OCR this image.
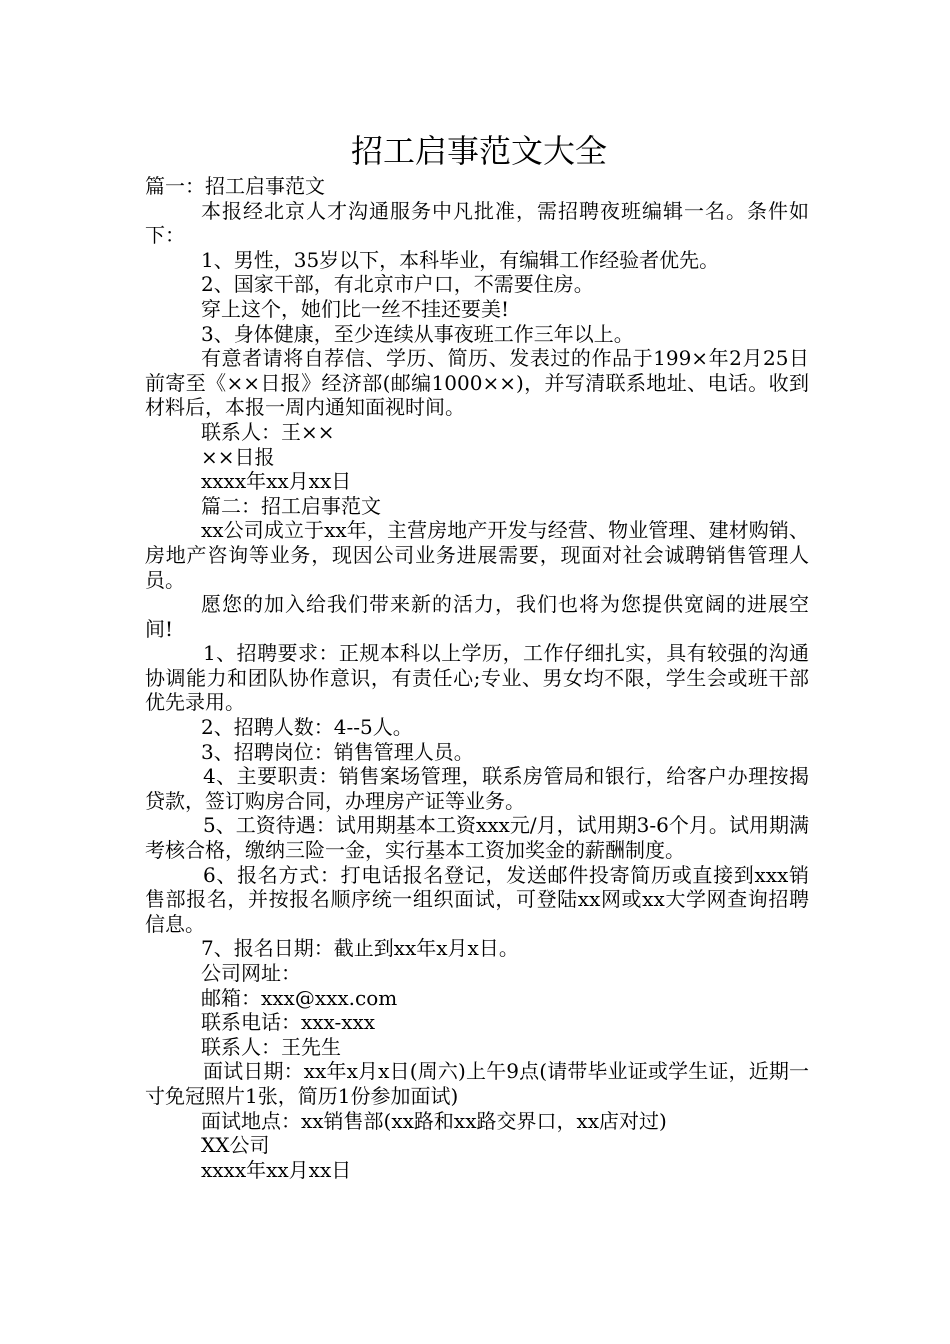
招工启事范文大全

篇一：招工启事范文

本报经北京人才沟通服务中凡批准，需招聘夜班编辑一名。条件如下：

1、男性，35岁以下，本科毕业，有编辑工作经验者优先。

2、国家干部，有北京市户口，不需要住房。

穿上这个，她们比一丝不挂还要美!

3、身体健康，至少连续从事夜班工作三年以上。

有意者请将自荐信、学历、简历、发表过的作品于199×年2月25日前寄至《××日报》经济部(邮编1000××)，并写清联系地址、电话。收到材料后，本报一周内通知面视时间。

联系人：王××

××日报

xxxx年xx月xx日

篇二：招工启事范文

xx公司成立于xx年，主营房地产开发与经营、物业管理、建材购销、房地产咨询等业务，现因公司业务进展需要，现面对社会诚聘销售管理人员。

愿您的加入给我们带来新的活力，我们也将为您提供宽阔的进展空间!

1、招聘要求：正规本科以上学历，工作仔细扎实，具有较强的沟通协调能力和团队协作意识，有责任心;专业、男女均不限，学生会或班干部优先录用。

2、招聘人数：4--5人。

3、招聘岗位：销售管理人员。

4、主要职责：销售案场管理，联系房管局和银行，给客户办理按揭贷款，签订购房合同，办理房产证等业务。

5、工资待遇：试用期基本工资xxx元/月，试用期3-6个月。试用期满考核合格，缴纳三险一金，实行基本工资加奖金的薪酬制度。

6、报名方式：打电话报名登记，发送邮件投寄简历或直接到xxx销售部报名，并按报名顺序统一组织面试，可登陆xx网或xx大学网查询招聘信息。

7、报名日期：截止到xx年x月x日。

公司网址：

邮箱：xxx@xxx.com

联系电话：xxx-xxx

联系人：王先生

面试日期：xx年x月x日(周六)上午9点(请带毕业证或学生证，近期一寸免冠照片1张，简历1份参加面试)

面试地点：xx销售部(xx路和xx路交界口，xx店对过)

XX公司

xxxx年xx月xx日
